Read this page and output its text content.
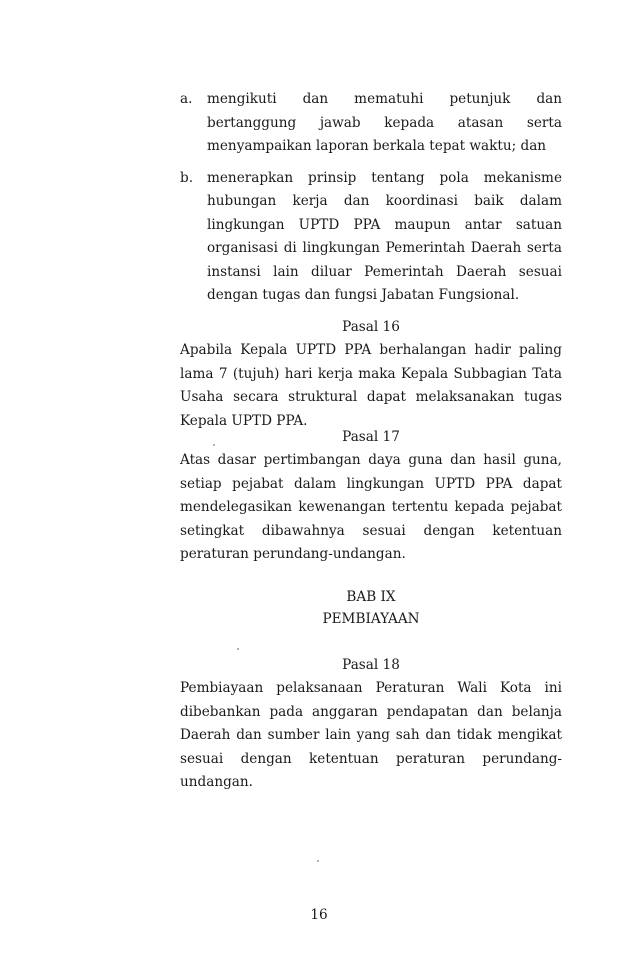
a. mengikuti dan mematuhi petunjuk dan bertanggung jawab kepada atasan serta menyampaikan laporan berkala tepat waktu; dan
b. menerapkan prinsip tentang pola mekanisme hubungan kerja dan koordinasi baik dalam lingkungan UPTD PPA maupun antar satuan organisasi di lingkungan Pemerintah Daerah serta instansi lain diluar Pemerintah Daerah sesuai dengan tugas dan fungsi Jabatan Fungsional.
Pasal 16

Apabila Kepala UPTD PPA berhalangan hadir paling lama 7 (tujuh) hari kerja maka Kepala Subbagian Tata Usaha secara struktural dapat melaksanakan tugas Kepala UPTD PPA.

Pasal 17

Atas dasar pertimbangan daya guna dan hasil guna, setiap pejabat dalam lingkungan UPTD PPA dapat mendelegasikan kewenangan tertentu kepada pejabat setingkat dibawahnya sesuai dengan ketentuan peraturan perundang-undangan.

BAB IX
PEMBIAYAAN
Pasal 18

Pembiayaan pelaksanaan Peraturan Wali Kota ini dibebankan pada anggaran pendapatan dan belanja Daerah dan sumber lain yang sah dan tidak mengikat sesuai dengan ketentuan peraturan perundang-undangan.

16
